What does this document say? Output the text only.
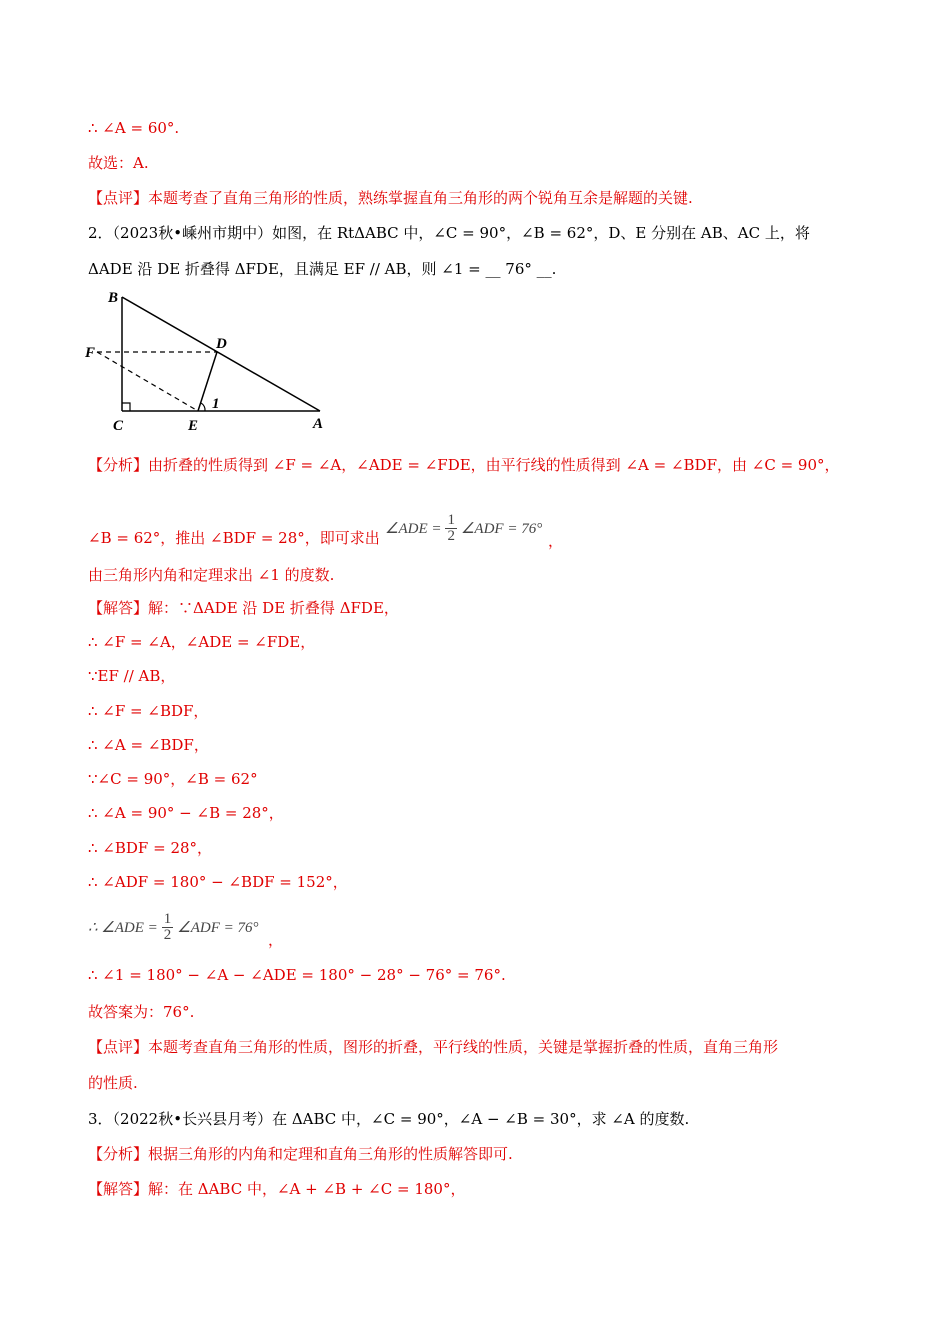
∴ ∠A = 60°.
故选：A.
【点评】本题考查了直角三角形的性质，熟练掌握直角三角形的两个锐角互余是解题的关键.
2．（2023秋•嵊州市期中）如图，在 RtΔABC 中，∠C = 90°，∠B = 62°，D、E 分别在 AB、AC 上，将
ΔADE 沿 DE 折叠得 ΔFDE，且满足 EF // AB，则 ∠1 = __ 76° __.
B
F
D
C	E	A
1
【分析】由折叠的性质得到 ∠F = ∠A，∠ADE = ∠FDE，由平行线的性质得到 ∠A = ∠BDF，由 ∠C = 90°，
∠B = 62°，推出 ∠BDF = 28°，即可求出 ∠ADE = $\frac{1}{2}$ ∠ADF = 76°
，
由三角形内角和定理求出 ∠1 的度数.
【解答】解：∵ΔADE 沿 DE 折叠得 ΔFDE，
∴ ∠F = ∠A，∠ADE = ∠FDE，
∵EF // AB，
∴ ∠F = ∠BDF，
∴ ∠A = ∠BDF，
∵∠C = 90°，∠B = 62°
∴ ∠A = 90° − ∠B = 28°，
∴ ∠BDF = 28°，
∴ ∠ADF = 180° − ∠BDF = 152°，
∴ ∠ADE = $\frac{1}{2}$ ∠ADF = 76°
，
∴ ∠1 = 180° − ∠A − ∠ADE = 180° − 28° − 76° = 76°.
故答案为：76°.
【点评】本题考查直角三角形的性质，图形的折叠，平行线的性质，关键是掌握折叠的性质，直角三角形
的性质.
3．（2022秋•长兴县月考）在 ΔABC 中，∠C = 90°，∠A − ∠B = 30°，求 ∠A 的度数.
【分析】根据三角形的内角和定理和直角三角形的性质解答即可.
【解答】解：在 ΔABC 中，∠A + ∠B + ∠C = 180°，
